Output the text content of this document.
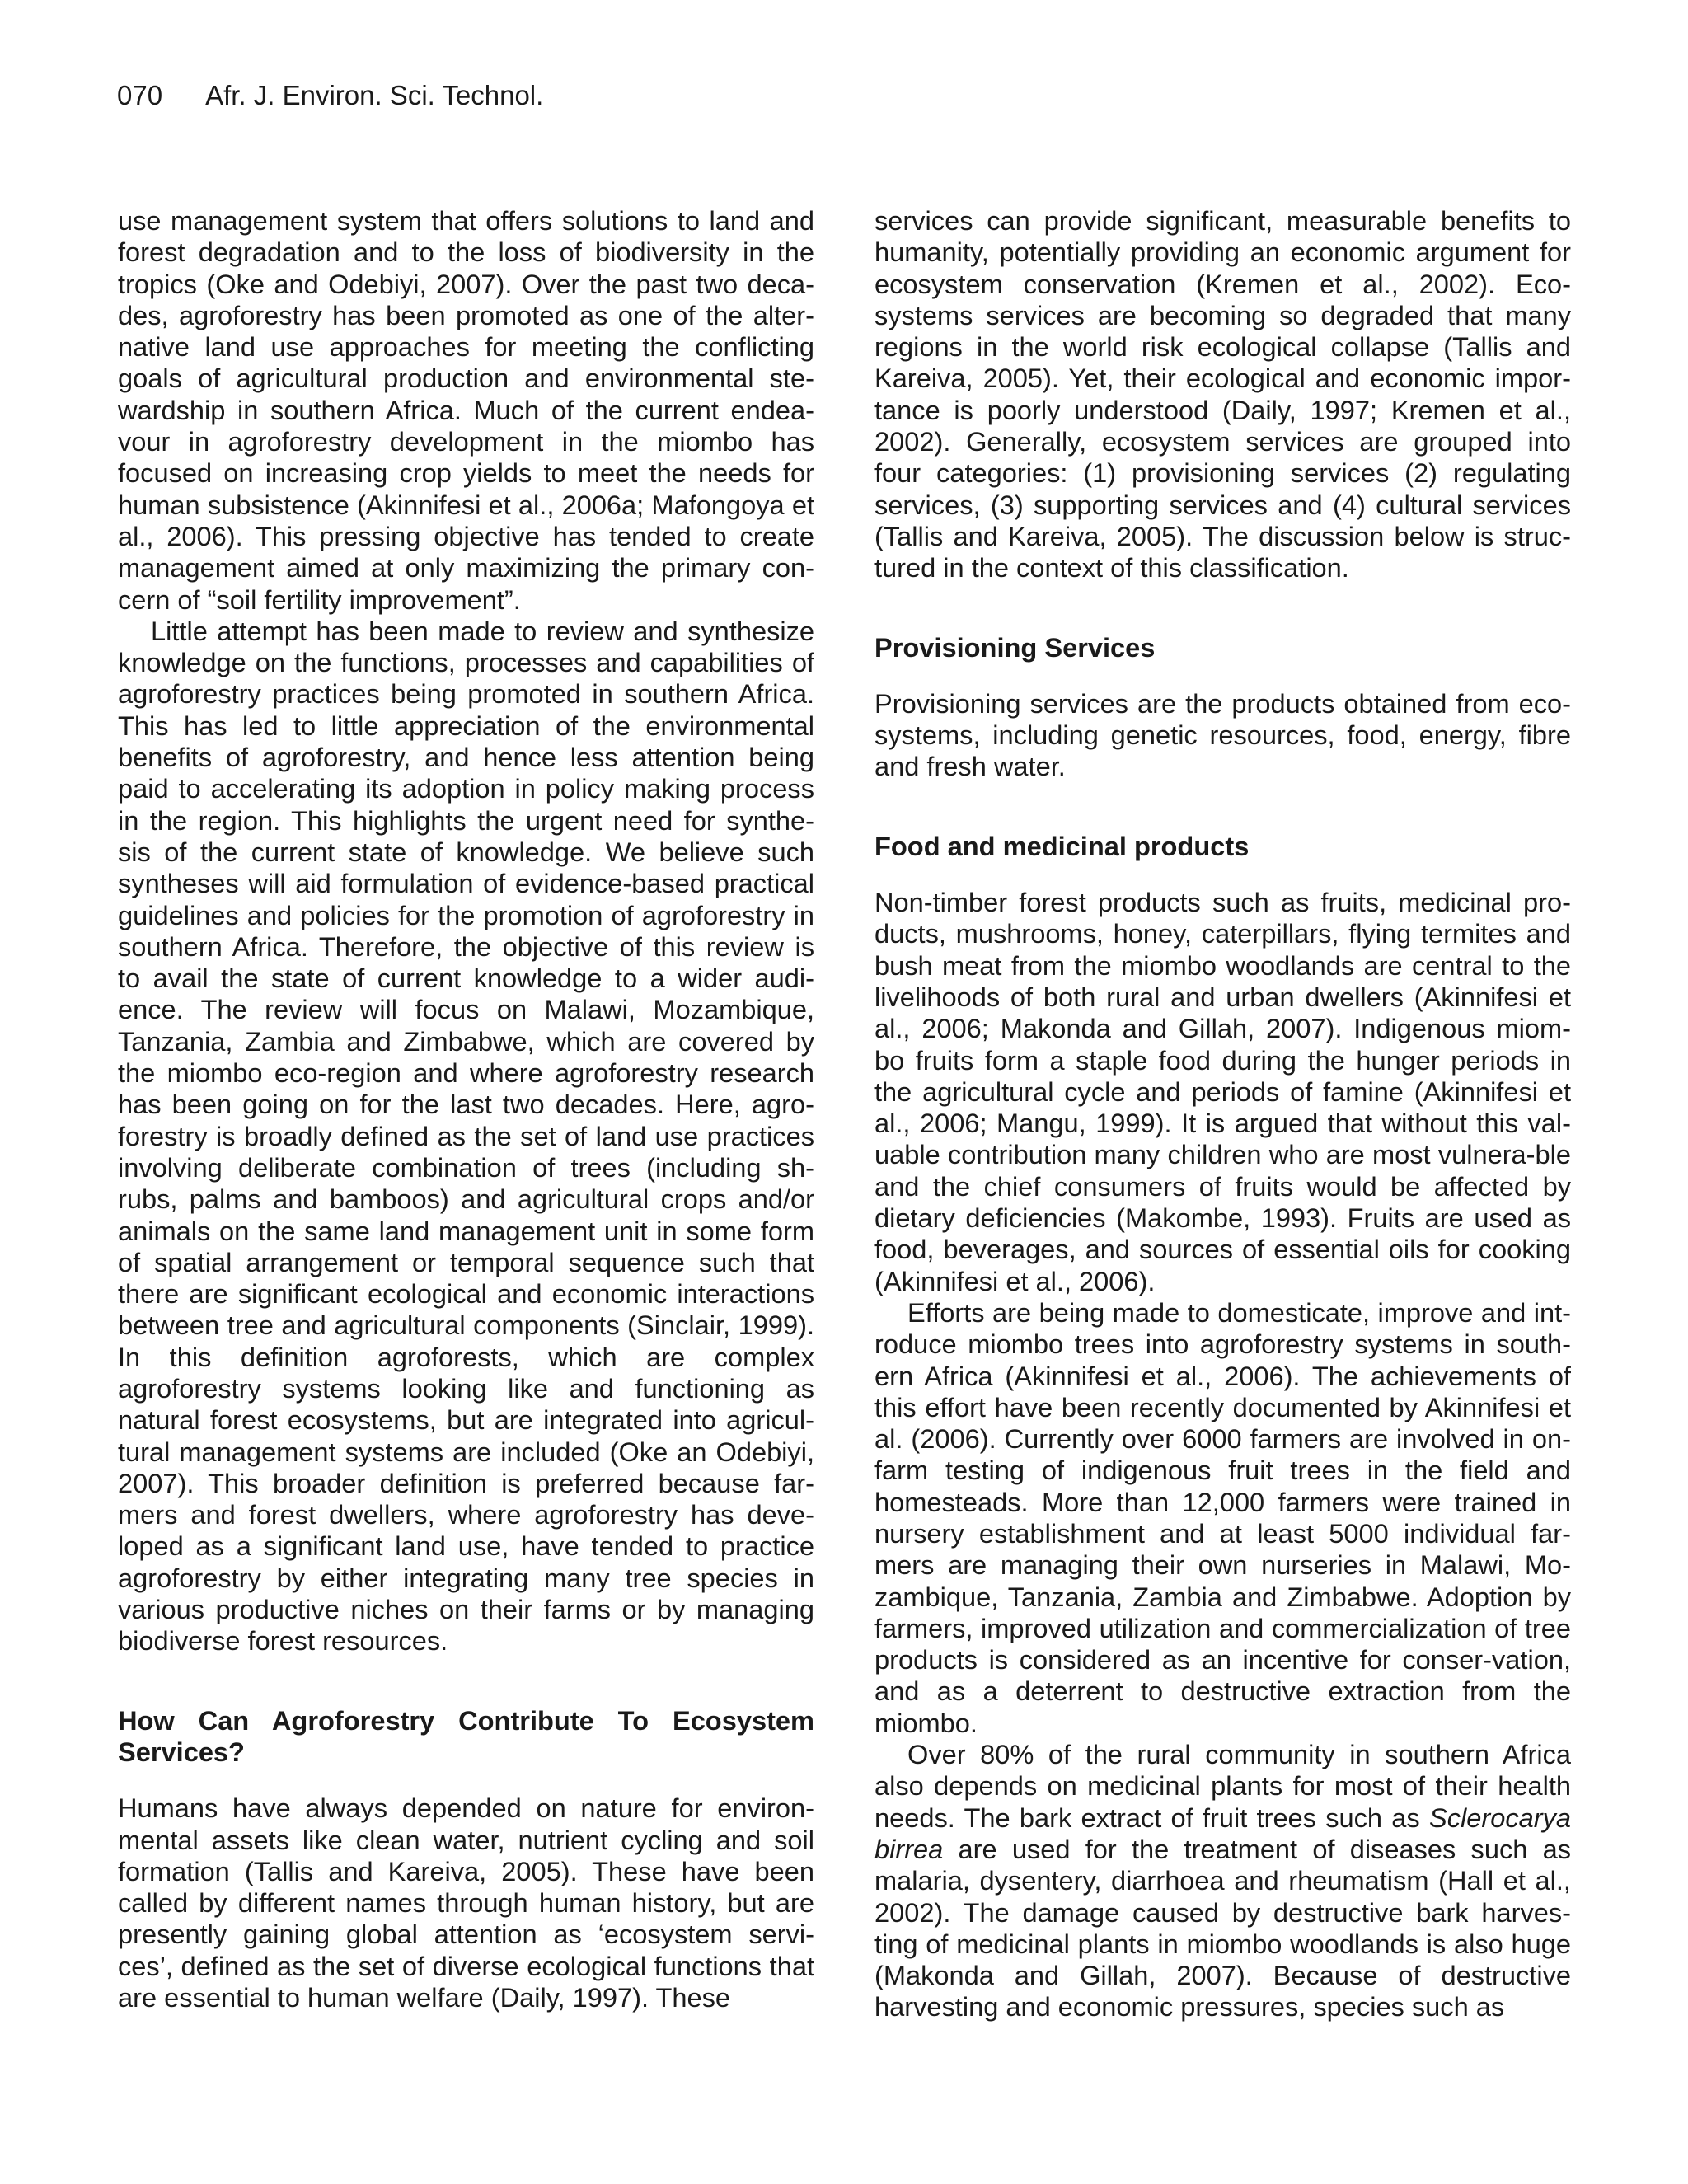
070 Afr. J. Environ. Sci. Technol.

use management system that offers solutions to land and forest degradation and to the loss of biodiversity in the tropics (Oke and Odebiyi, 2007). Over the past two deca-des, agroforestry has been promoted as one of the alter-native land use approaches for meeting the conflicting goals of agricultural production and environmental ste-wardship in southern Africa. Much of the current endea-vour in agroforestry development in the miombo has focused on increasing crop yields to meet the needs for human subsistence (Akinnifesi et al., 2006a; Mafongoya et al., 2006). This pressing objective has tended to create management aimed at only maximizing the primary con-cern of “soil fertility improvement”.

Little attempt has been made to review and synthesize knowledge on the functions, processes and capabilities of agroforestry practices being promoted in southern Africa. This has led to little appreciation of the environmental benefits of agroforestry, and hence less attention being paid to accelerating its adoption in policy making process in the region. This highlights the urgent need for synthe-sis of the current state of knowledge. We believe such syntheses will aid formulation of evidence-based practical guidelines and policies for the promotion of agroforestry in southern Africa. Therefore, the objective of this review is to avail the state of current knowledge to a wider audi-ence. The review will focus on Malawi, Mozambique, Tanzania, Zambia and Zimbabwe, which are covered by the miombo eco-region and where agroforestry research has been going on for the last two decades. Here, agro-forestry is broadly defined as the set of land use practices involving deliberate combination of trees (including sh-rubs, palms and bamboos) and agricultural crops and/or animals on the same land management unit in some form of spatial arrangement or temporal sequence such that there are significant ecological and economic interactions between tree and agricultural components (Sinclair, 1999). In this definition agroforests, which are complex agroforestry systems looking like and functioning as natural forest ecosystems, but are integrated into agricul-tural management systems are included (Oke an Odebiyi, 2007). This broader definition is preferred because far-mers and forest dwellers, where agroforestry has deve-loped as a significant land use, have tended to practice agroforestry by either integrating many tree species in various productive niches on their farms or by managing biodiverse forest resources.

How Can Agroforestry Contribute To Ecosystem Services?

Humans have always depended on nature for environ-mental assets like clean water, nutrient cycling and soil formation (Tallis and Kareiva, 2005). These have been called by different names through human history, but are presently gaining global attention as ‘ecosystem servi-ces’, defined as the set of diverse ecological functions that are essential to human welfare (Daily, 1997). These

services can provide significant, measurable benefits to humanity, potentially providing an economic argument for ecosystem conservation (Kremen et al., 2002). Eco-systems services are becoming so degraded that many regions in the world risk ecological collapse (Tallis and Kareiva, 2005). Yet, their ecological and economic impor-tance is poorly understood (Daily, 1997; Kremen et al., 2002). Generally, ecosystem services are grouped into four categories: (1) provisioning services (2) regulating services, (3) supporting services and (4) cultural services (Tallis and Kareiva, 2005). The discussion below is struc-tured in the context of this classification.

Provisioning Services

Provisioning services are the products obtained from eco-systems, including genetic resources, food, energy, fibre and fresh water.

Food and medicinal products

Non-timber forest products such as fruits, medicinal pro-ducts, mushrooms, honey, caterpillars, flying termites and bush meat from the miombo woodlands are central to the livelihoods of both rural and urban dwellers (Akinnifesi et al., 2006; Makonda and Gillah, 2007). Indigenous miom-bo fruits form a staple food during the hunger periods in the agricultural cycle and periods of famine (Akinnifesi et al., 2006; Mangu, 1999). It is argued that without this val-uable contribution many children who are most vulnera-ble and the chief consumers of fruits would be affected by dietary deficiencies (Makombe, 1993). Fruits are used as food, beverages, and sources of essential oils for cooking (Akinnifesi et al., 2006).

Efforts are being made to domesticate, improve and int-roduce miombo trees into agroforestry systems in south-ern Africa (Akinnifesi et al., 2006). The achievements of this effort have been recently documented by Akinnifesi et al. (2006). Currently over 6000 farmers are involved in on-farm testing of indigenous fruit trees in the field and homesteads. More than 12,000 farmers were trained in nursery establishment and at least 5000 individual far-mers are managing their own nurseries in Malawi, Mo-zambique, Tanzania, Zambia and Zimbabwe. Adoption by farmers, improved utilization and commercialization of tree products is considered as an incentive for conser-vation, and as a deterrent to destructive extraction from the miombo.

Over 80% of the rural community in southern Africa also depends on medicinal plants for most of their health needs. The bark extract of fruit trees such as Sclerocarya birrea are used for the treatment of diseases such as malaria, dysentery, diarrhoea and rheumatism (Hall et al., 2002). The damage caused by destructive bark harves-ting of medicinal plants in miombo woodlands is also huge (Makonda and Gillah, 2007). Because of destructive harvesting and economic pressures, species such as
